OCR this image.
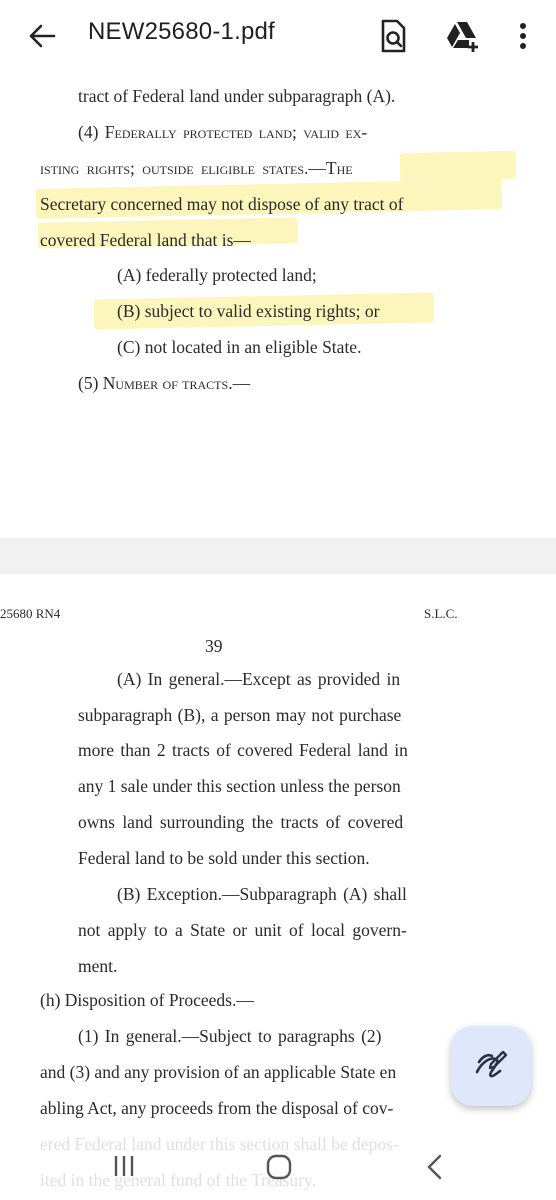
NEW25680-1.pdf
tract of Federal land under subparagraph (A).
(4) Federally protected land; valid ex-
isting rights; outside eligible states.—The
Secretary concerned may not dispose of any tract of
covered Federal land that is—
(A) federally protected land;
(B) subject to valid existing rights; or
(C) not located in an eligible State.
(5) Number of tracts.—
25680 RN4	S.L.C.
39
(A) In general.—Except as provided in
subparagraph (B), a person may not purchase
more than 2 tracts of covered Federal land in
any 1 sale under this section unless the person
owns land surrounding the tracts of covered
Federal land to be sold under this section.
(B) Exception.—Subparagraph (A) shall
not apply to a State or unit of local govern-
ment.
(h) Disposition of Proceeds.—
(1) In general.—Subject to paragraphs (2)
and (3) and any provision of an applicable State en
abling Act, any proceeds from the disposal of cov-
